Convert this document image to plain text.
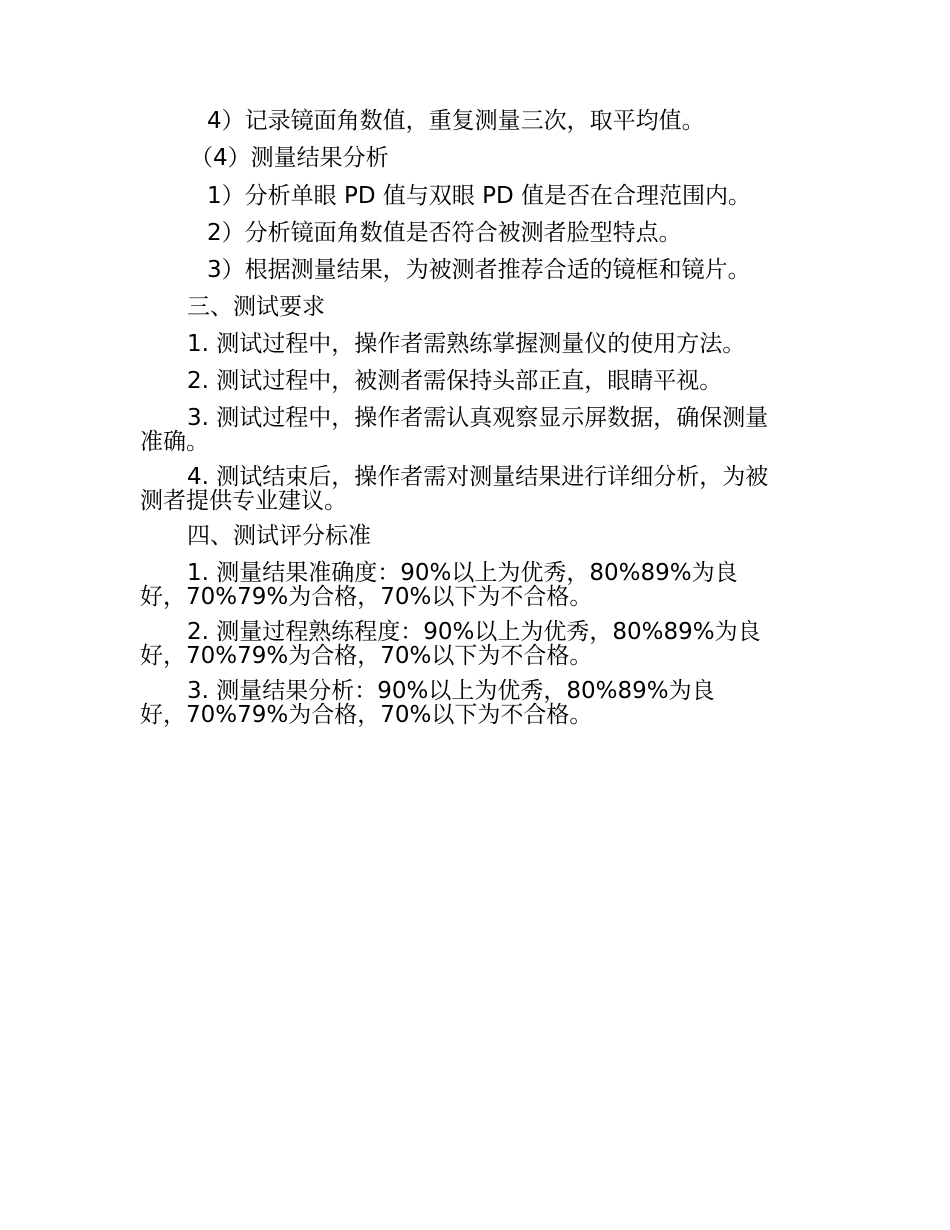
4）记录镜面角数值，重复测量三次，取平均值。
（4）测量结果分析
1）分析单眼 PD 值与双眼 PD 值是否在合理范围内。
2）分析镜面角数值是否符合被测者脸型特点。
3）根据测量结果，为被测者推荐合适的镜框和镜片。
三、测试要求
1. 测试过程中，操作者需熟练掌握测量仪的使用方法。
2. 测试过程中，被测者需保持头部正直，眼睛平视。
3. 测试过程中，操作者需认真观察显示屏数据，确保测量
准确。
4. 测试结束后，操作者需对测量结果进行详细分析，为被
测者提供专业建议。
四、测试评分标准
1. 测量结果准确度：90%以上为优秀，80%89%为良
好，70%79%为合格，70%以下为不合格。
2. 测量过程熟练程度：90%以上为优秀，80%89%为良
好，70%79%为合格，70%以下为不合格。
3. 测量结果分析：90%以上为优秀，80%89%为良
好，70%79%为合格，70%以下为不合格。
